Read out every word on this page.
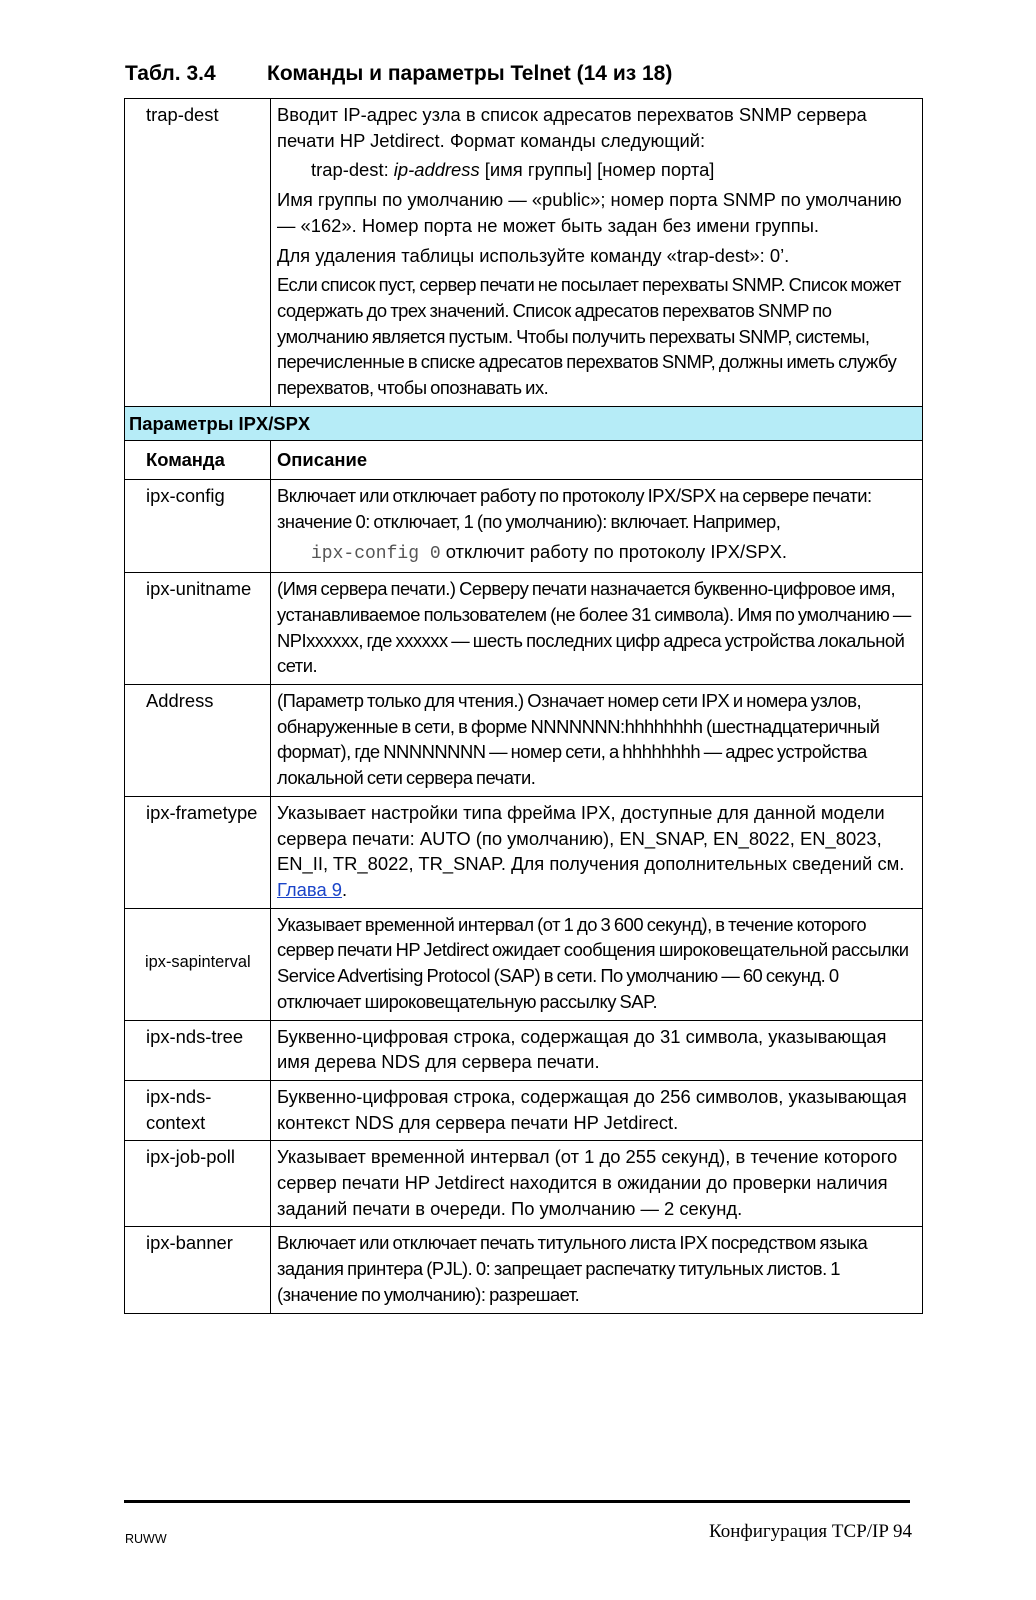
Табл. 3.4 Команды и параметры Telnet (14 из 18)
trap-dest	Вводит IP-адрес узла в список адресатов перехватов SNMP сервера печати HP Jetdirect. Формат команды следующий:
trap-dest: ip-address [имя группы] [номер порта]
Имя группы по умолчанию — «public»; номер порта SNMP по умолчанию — «162». Номер порта не может быть задан без имени группы.
Для удаления таблицы используйте команду «trap-dest»: 0’.
Если список пуст, сервер печати не посылает перехваты SNMP. Список может содержать до трех значений. Список адресатов перехватов SNMP по умолчанию является пустым. Чтобы получить перехваты SNMP, системы, перечисленные в списке адресатов перехватов SNMP, должны иметь службу перехватов, чтобы опознавать их.

Параметры IPX/SPX	
Команда	Описание
ipx-config	Включает или отключает работу по протоколу IPX/SPX на сервере печати: значение 0: отключает, 1 (по умолчанию): включает. Например,
ipx-config 0 отключит работу по протоколу IPX/SPX.

ipx-unitname	(Имя сервера печати.) Серверу печати назначается буквенно-цифровое имя, устанавливаемое пользователем (не более 31 символа). Имя по умолчанию — NPIxxxxxx, где xxxxxx — шесть последних цифр адреса устройства локальной сети.
Address	(Параметр только для чтения.) Означает номер сети IPX и номера узлов, обнаруженные в сети, в форме NNNNNNN:hhhhhhhh (шестнадцатеричный формат), где NNNNNNNN — номер сети, а hhhhhhhh — адрес устройства локальной сети сервера печати.
ipx-frametype	Указывает настройки типа фрейма IPX, доступные для данной модели сервера печати: AUTO (по умолчанию), EN_SNAP, EN_8022, EN_8023, EN_II, TR_8022, TR_SNAP. Для получения дополнительных сведений см. Глава 9.
ipx-sapinterval	Указывает временной интервал (от 1 до 3 600 секунд), в течение которого сервер печати HP Jetdirect ожидает сообщения широковещательной рассылки Service Advertising Protocol (SAP) в сети. По умолчанию — 60 секунд. 0 отключает широковещательную рассылку SAP.
ipx-nds-tree	Буквенно-цифровая строка, содержащая до 31 символа, указывающая имя дерева NDS для сервера печати.

ipx-nds-
context	Буквенно-цифровая строка, содержащая до 256 символов, указывающая контекст NDS для сервера печати HP Jetdirect.
ipx-job-poll	Указывает временной интервал (от 1 до 255 секунд), в течение которого сервер печати HP Jetdirect находится в ожидании до проверки наличия заданий печати в очереди. По умолчанию — 2 секунд.
ipx-banner	Включает или отключает печать титульного листа IPX посредством языка задания принтера (PJL). 0: запрещает распечатку титульных листов. 1 (значение по умолчанию): разрешает.
RUWW	Конфигурация TCP/IP 94
